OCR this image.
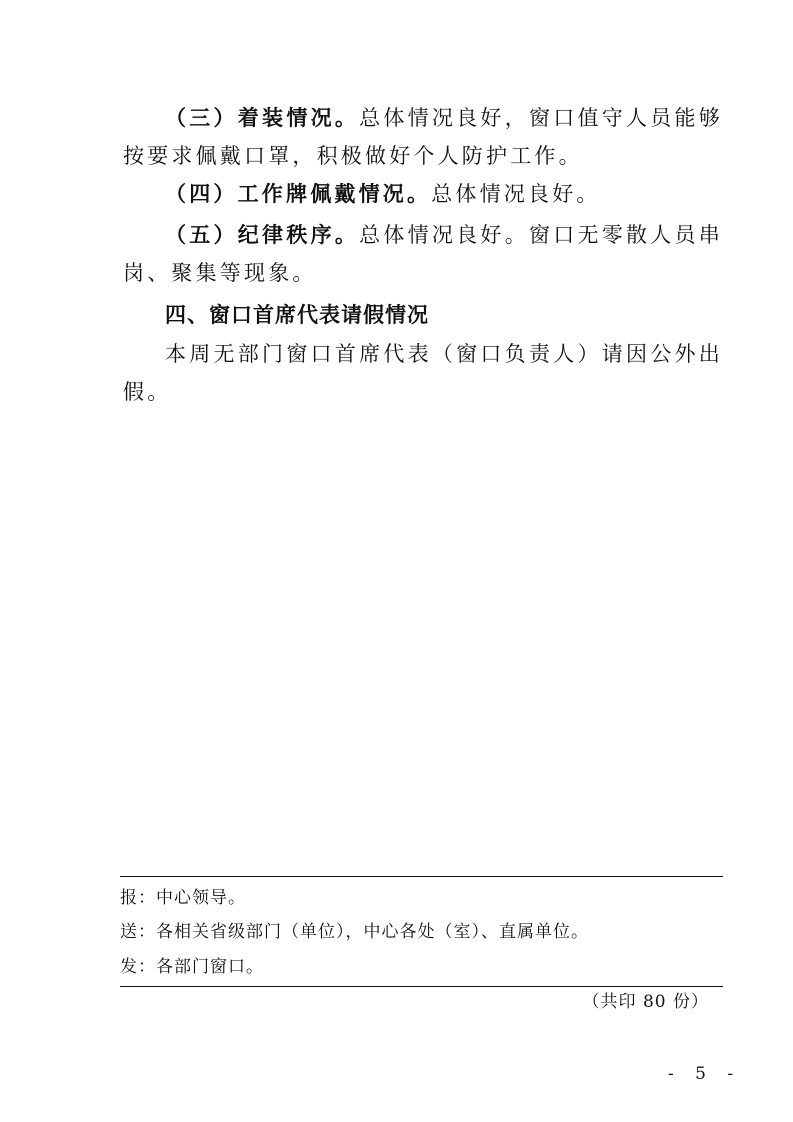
（三）着装情况。总体情况良好，窗口值守人员能够按要求佩戴口罩，积极做好个人防护工作。

（四）工作牌佩戴情况。总体情况良好。

（五）纪律秩序。总体情况良好。窗口无零散人员串岗、聚集等现象。

四、窗口首席代表请假情况

本周无部门窗口首席代表（窗口负责人）请因公外出假。

报：中心领导。

送：各相关省级部门（单位），中心各处（室）、直属单位。

发：各部门窗口。

（共印 80 份）
- 5 -
